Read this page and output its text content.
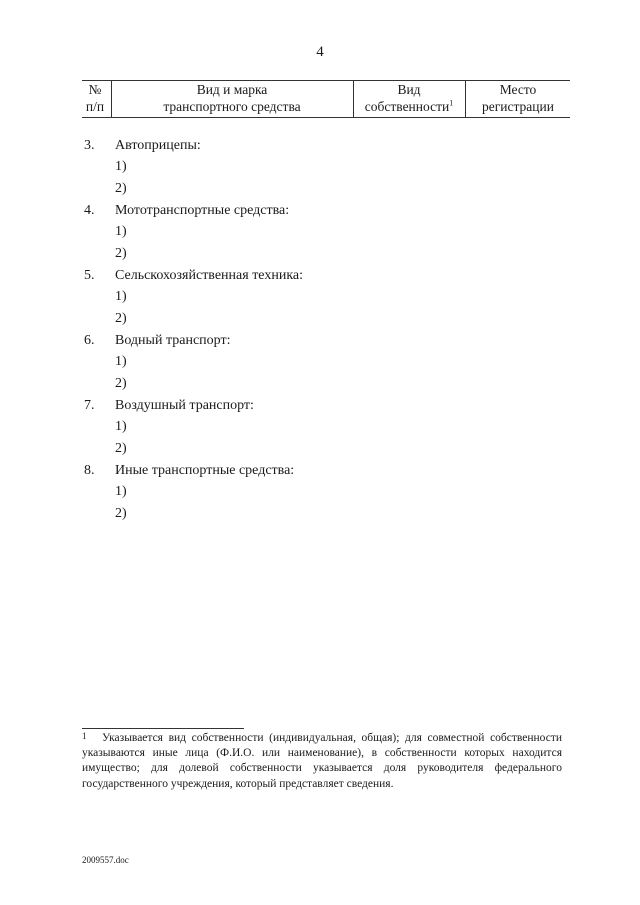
4
№
п/п
Вид и марка
транспортного средства
Вид
собственности$^1$
Место
регистрации
3. Автоприцепы:
1)
2)
4. Мототранспортные средства:
1)
2)
5. Сельскохозяйственная техника:
1)
2)
6. Водный транспорт:
1)
2)
7. Воздушный транспорт:
1)
2)
8. Иные транспортные средства:
1)
2)
1	Указывается вид собственности (индивидуальная, общая); для совместной собственности указываются иные лица (Ф.И.О. или наименование), в собственности которых находится имущество; для долевой собственности указывается доля руководителя федерального государственного учреждения, который представляет сведения.
2009557.doc
